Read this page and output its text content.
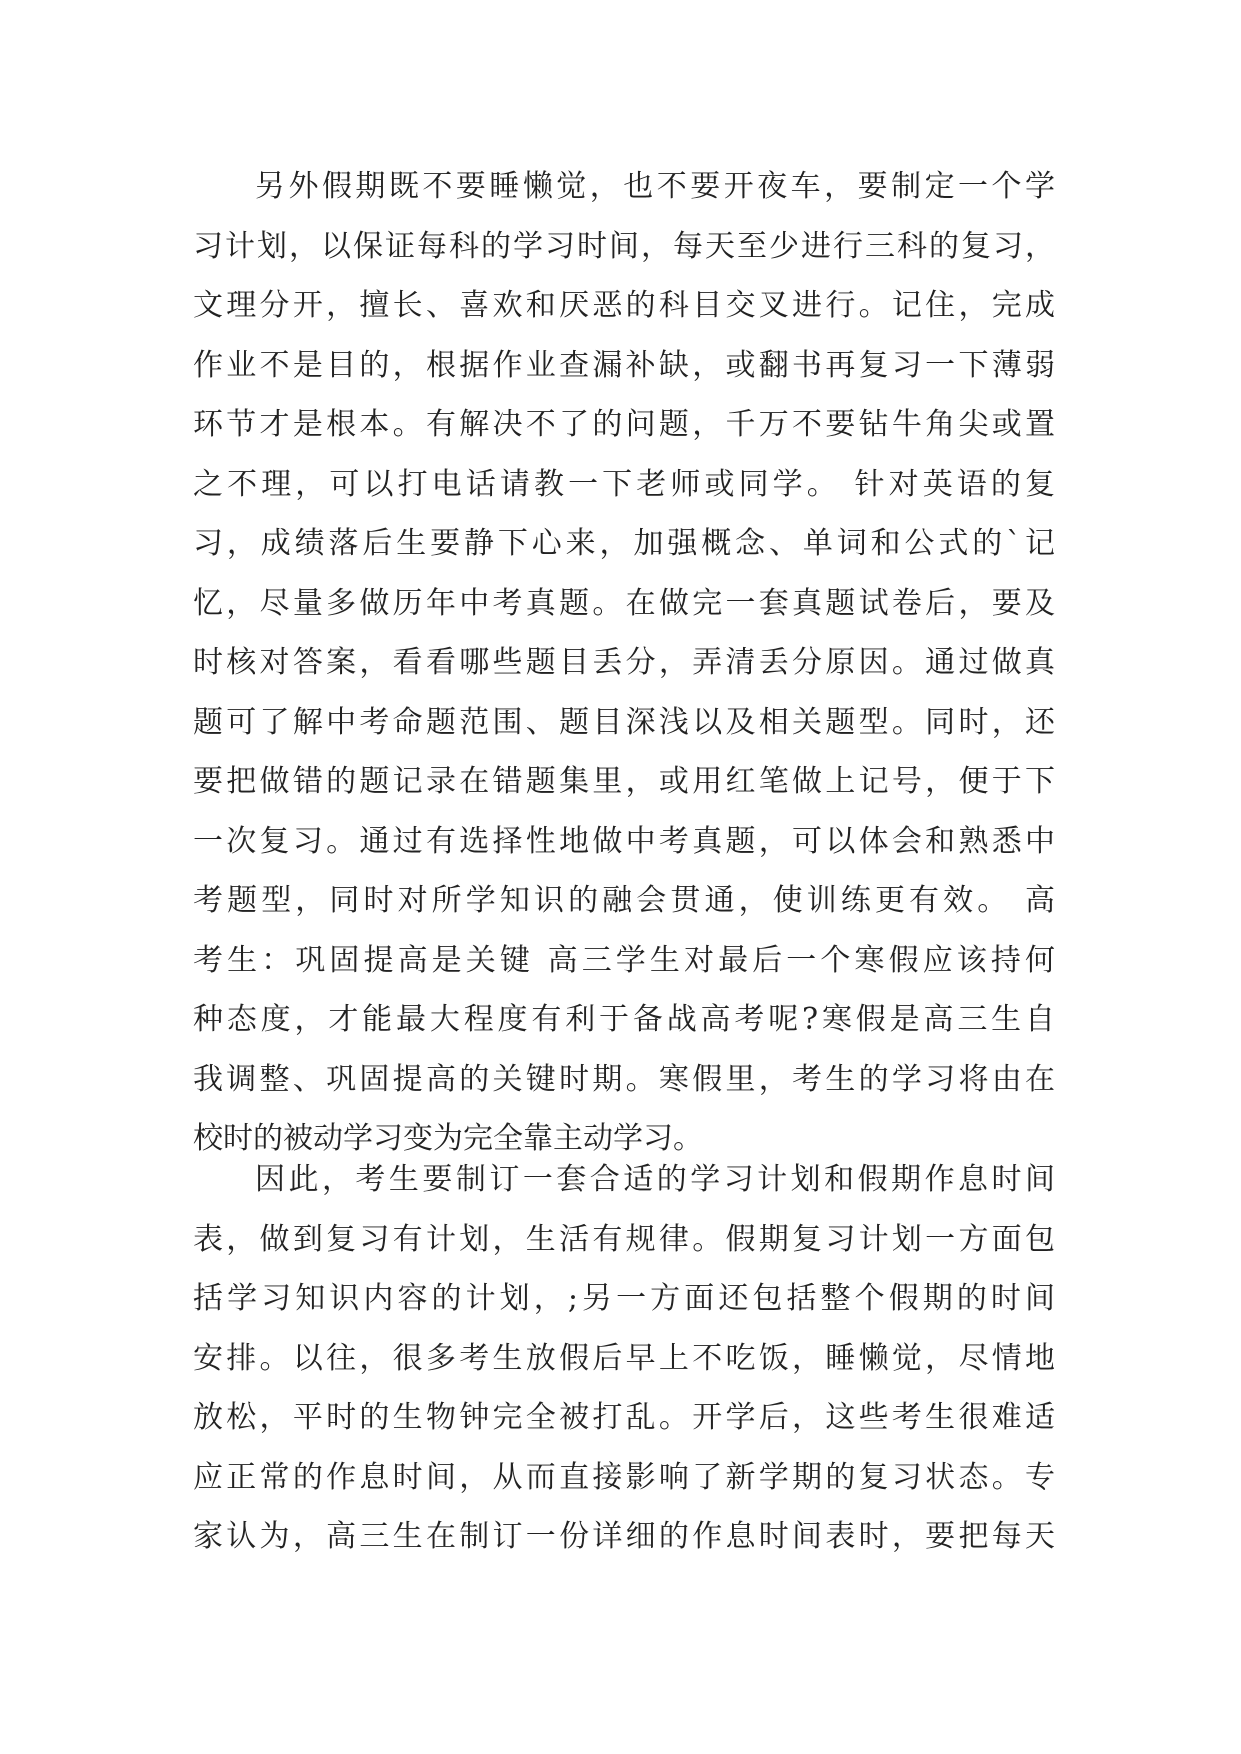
另外假期既不要睡懒觉，也不要开夜车，要制定一个学
习计划，以保证每科的学习时间，每天至少进行三科的复习，
文理分开，擅长、喜欢和厌恶的科目交叉进行。记住，完成
作业不是目的，根据作业查漏补缺，或翻书再复习一下薄弱
环节才是根本。有解决不了的问题，千万不要钻牛角尖或置
之不理，可以打电话请教一下老师或同学。 针对英语的复
习，成绩落后生要静下心来，加强概念、单词和公式的`记
忆，尽量多做历年中考真题。在做完一套真题试卷后，要及
时核对答案，看看哪些题目丢分，弄清丢分原因。通过做真
题可了解中考命题范围、题目深浅以及相关题型。同时，还
要把做错的题记录在错题集里，或用红笔做上记号，便于下
一次复习。通过有选择性地做中考真题，可以体会和熟悉中
考题型，同时对所学知识的融会贯通，使训练更有效。 高
考生：巩固提高是关键 高三学生对最后一个寒假应该持何
种态度，才能最大程度有利于备战高考呢?寒假是高三生自
我调整、巩固提高的关键时期。寒假里，考生的学习将由在
校时的被动学习变为完全靠主动学习。
因此，考生要制订一套合适的学习计划和假期作息时间
表，做到复习有计划，生活有规律。假期复习计划一方面包
括学习知识内容的计划，;另一方面还包括整个假期的时间
安排。以往，很多考生放假后早上不吃饭，睡懒觉，尽情地
放松，平时的生物钟完全被打乱。开学后，这些考生很难适
应正常的作息时间，从而直接影响了新学期的复习状态。专
家认为，高三生在制订一份详细的作息时间表时，要把每天
